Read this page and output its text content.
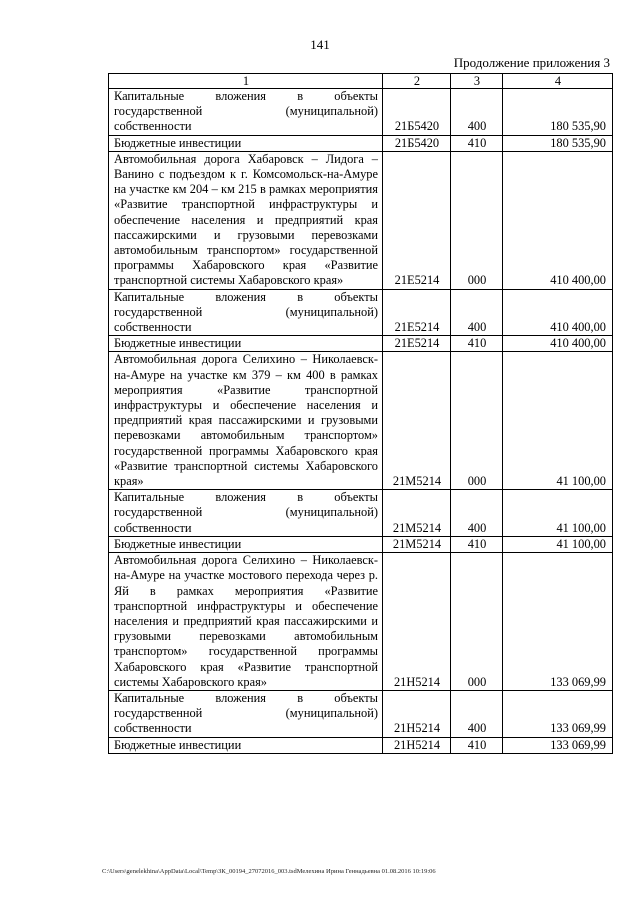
141
Продолжение приложения 3
1	2	3	4
Капитальные вложения в объекты государственной (муниципальной) собственности	21Б5420	400	180 535,90
Бюджетные инвестиции	21Б5420	410	180 535,90
Автомобильная дорога Хабаровск – Лидога – Ванино с подъездом к г. Комсомольск-на-Амуре на участке км 204 – км 215 в рамках мероприятия «Развитие транспортной инфраструктуры и обеспечение населения и предприятий края пассажирскими и грузовыми перевозками автомобильным транспортом» государственной программы Хабаровского края «Развитие транспортной системы Хабаровского края»	21Е5214	000	410 400,00
Капитальные вложения в объекты государственной (муниципальной) собственности	21Е5214	400	410 400,00
Бюджетные инвестиции	21Е5214	410	410 400,00
Автомобильная дорога Селихино – Николаевск-на-Амуре на участке км 379 – км 400 в рамках мероприятия «Развитие транспортной инфраструктуры и обеспечение населения и предприятий края пассажирскими и грузовыми перевозками автомобильным транспортом» государственной программы Хабаровского края «Развитие транспортной системы Хабаровского края»	21М5214	000	41 100,00
Капитальные вложения в объекты государственной (муниципальной) собственности	21М5214	400	41 100,00
Бюджетные инвестиции	21М5214	410	41 100,00
Автомобильная дорога Селихино – Николаевск-на-Амуре на участке мостового перехода через р. Яй в рамках мероприятия «Развитие транспортной инфраструктуры и обеспечение населения и предприятий края пассажирскими и грузовыми перевозками автомобильным транспортом» государственной программы Хабаровского края «Развитие транспортной системы Хабаровского края»	21Н5214	000	133 069,99
Капитальные вложения в объекты государственной (муниципальной) собственности	21Н5214	400	133 069,99
Бюджетные инвестиции	21Н5214	410	133 069,99
C:\Users\genelekhina\AppData\Local\Temp\ЗК_00194_27072016_003.tsdМелехина Ирина Геннадьевна 01.08.2016 10:19:06
